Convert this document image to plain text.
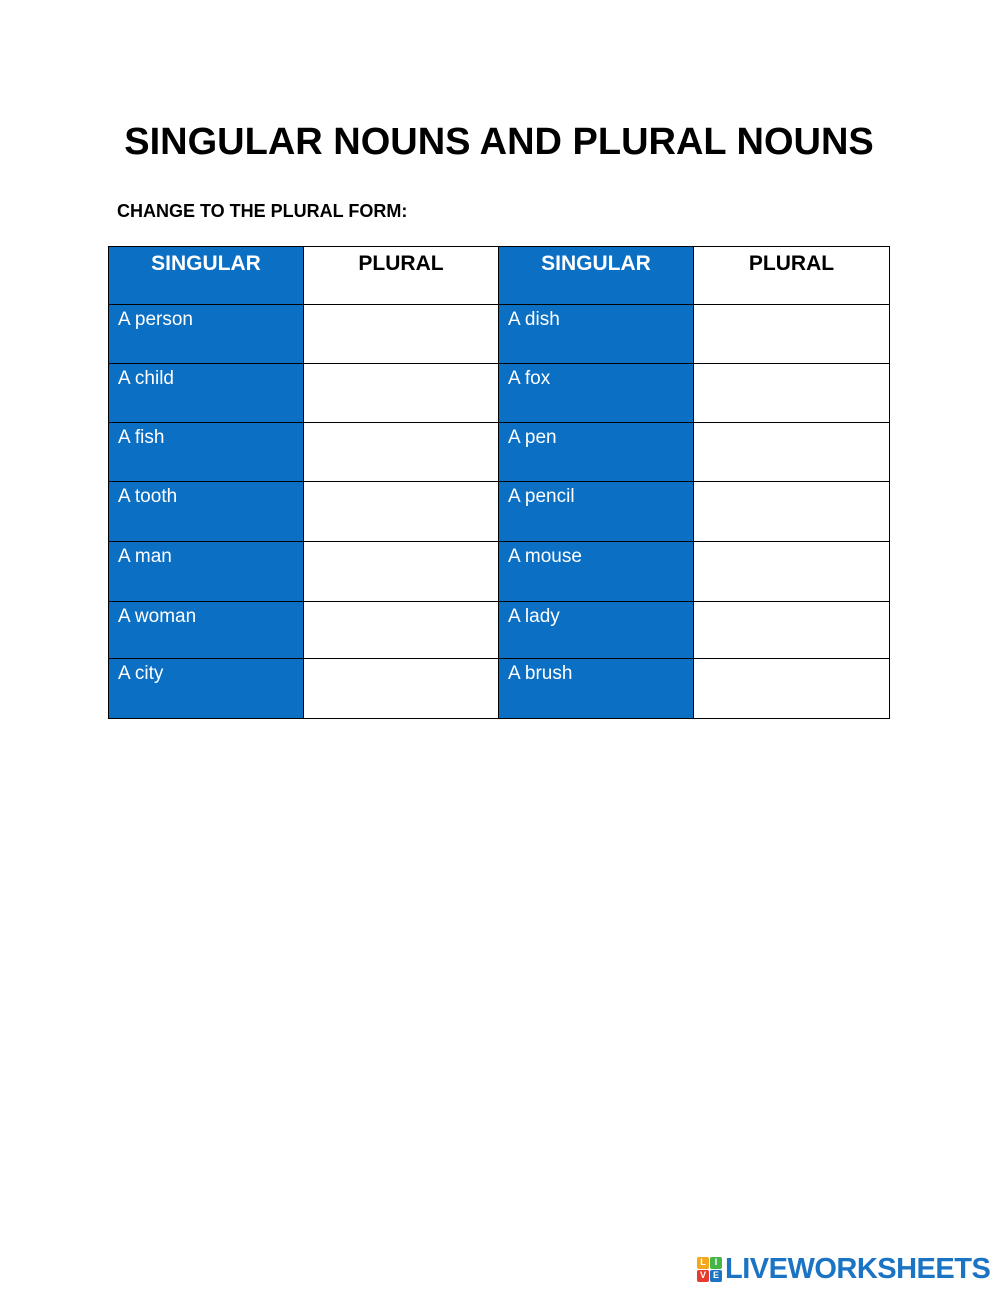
SINGULAR NOUNS AND PLURAL NOUNS
CHANGE TO THE PLURAL FORM:
SINGULAR	PLURAL	SINGULAR	PLURAL
A person		A dish	
A child		A fox	
A fish		A pen	
A tooth		A pencil	
A man		A mouse	
A woman		A lady	
A city		A brush	
L I
V E LIVEWORKSHEETS
